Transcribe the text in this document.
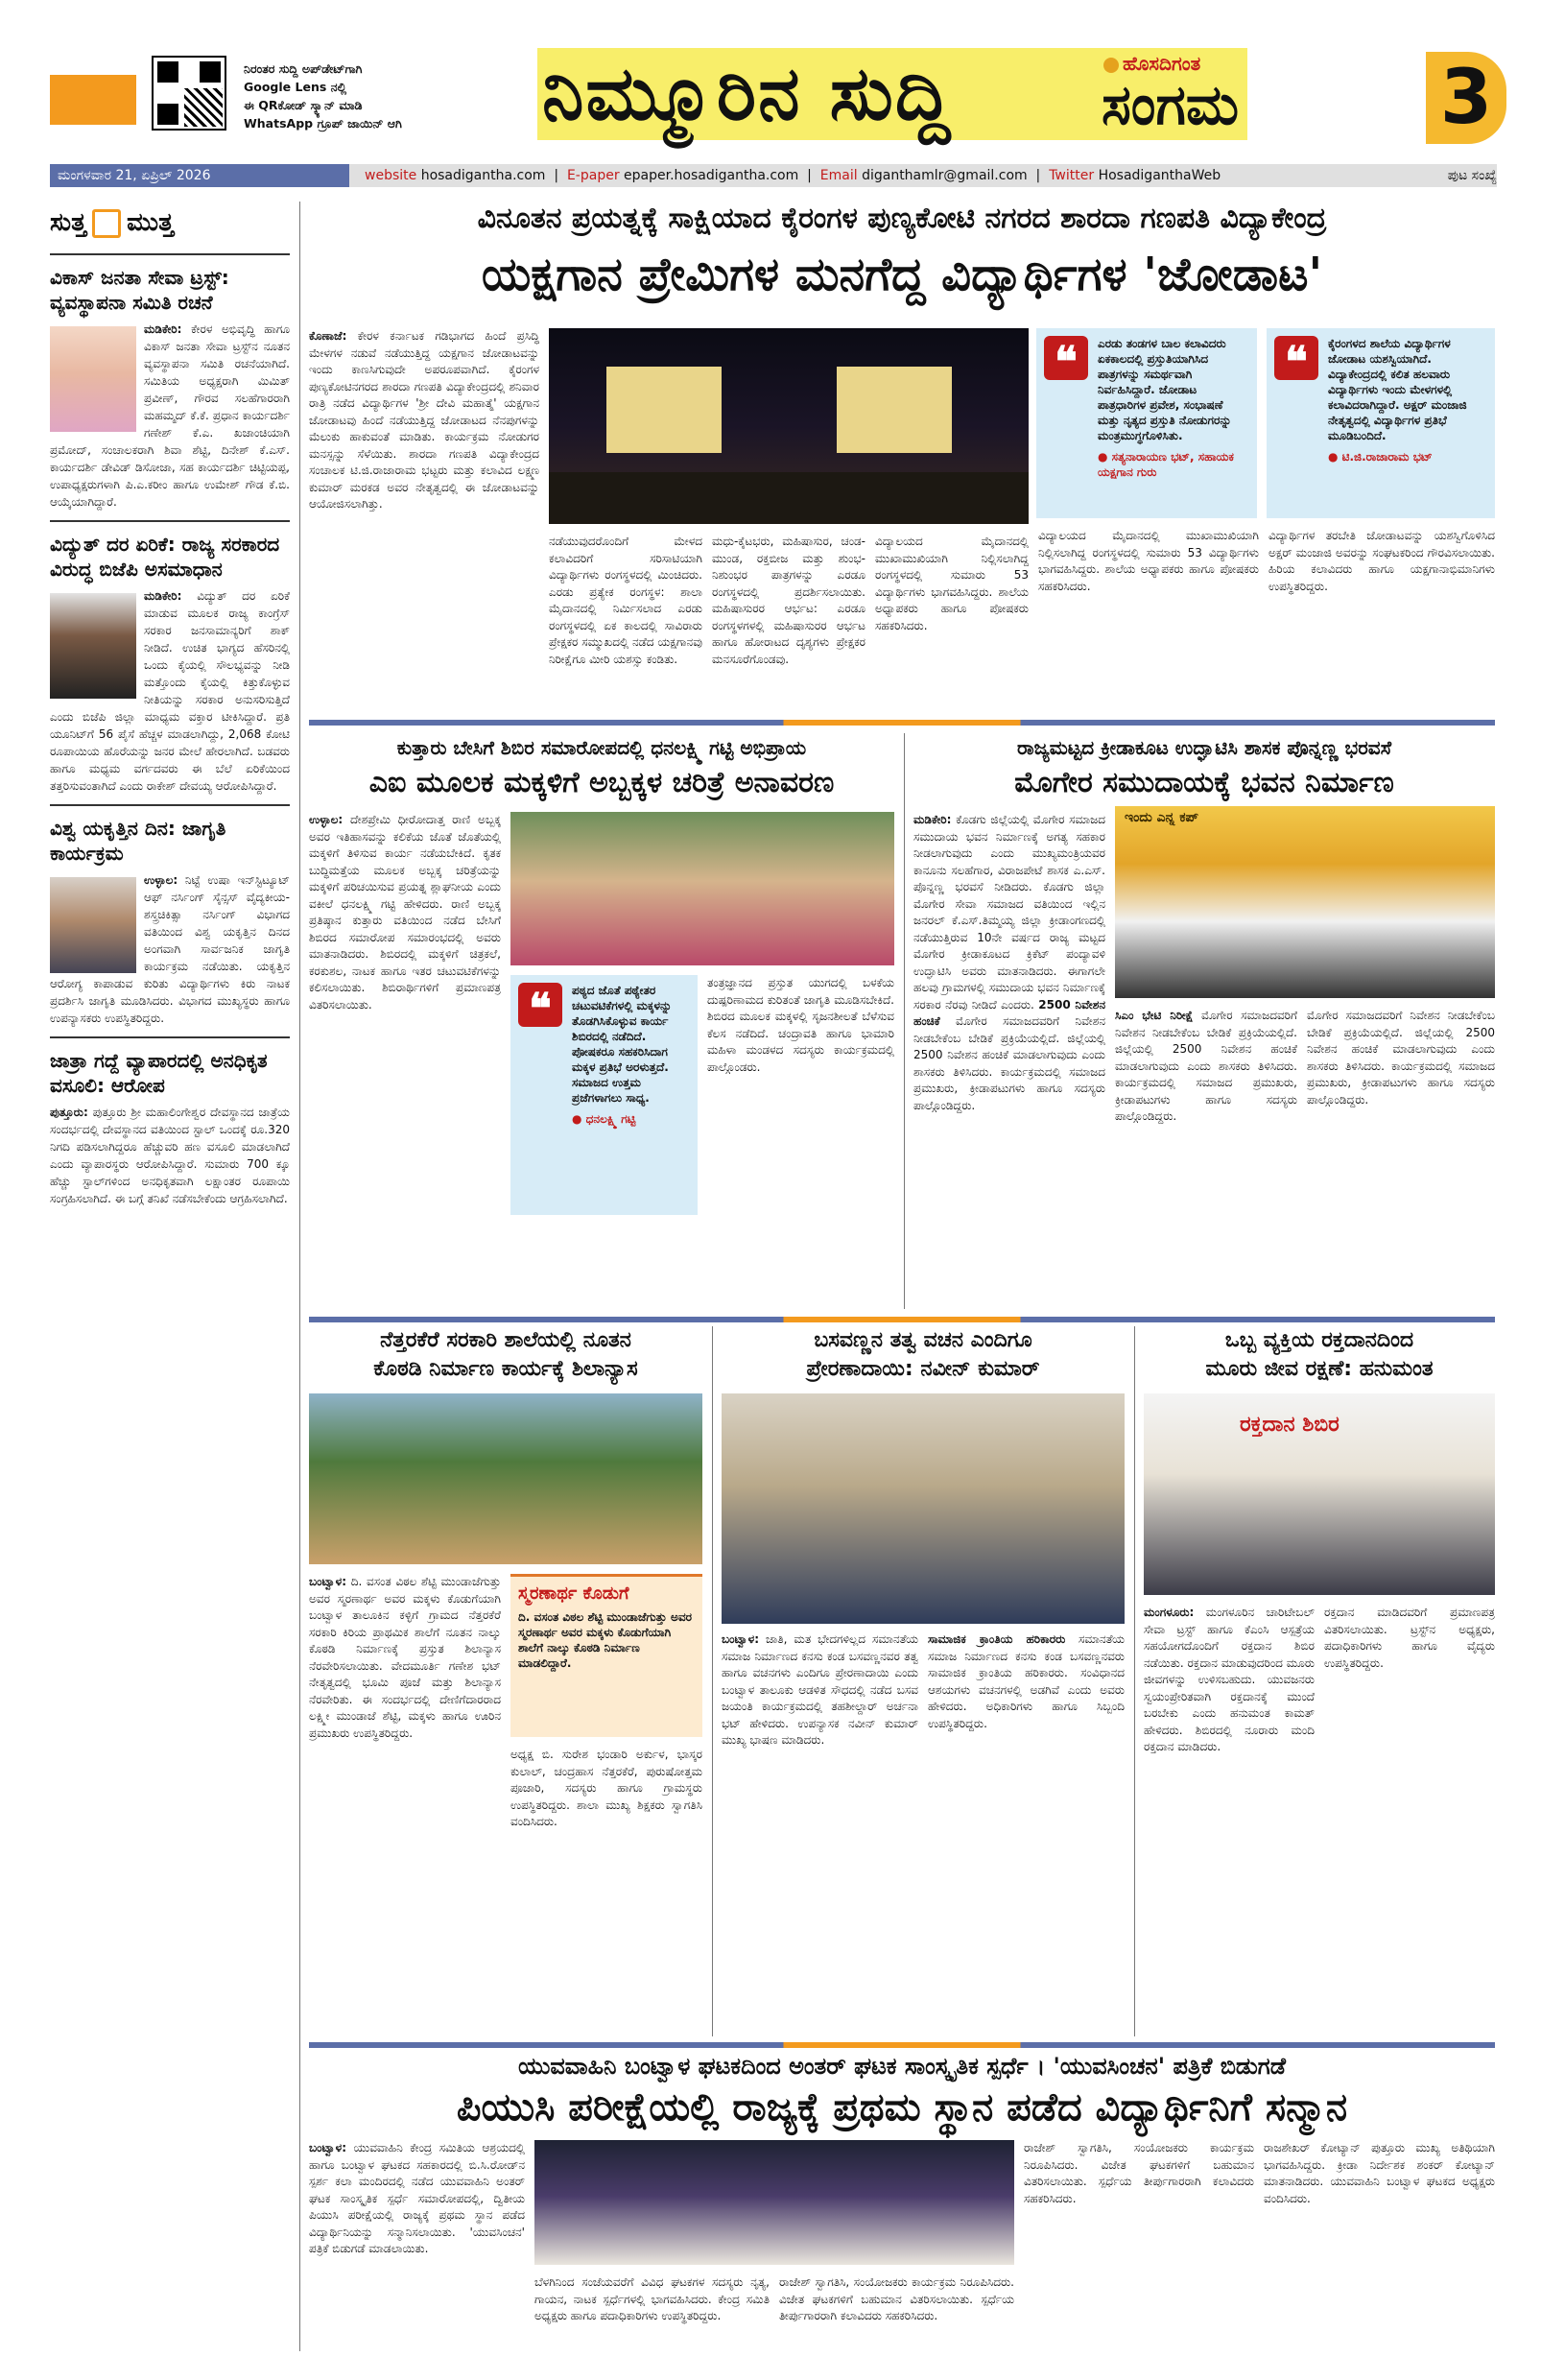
ನಿರಂತರ ಸುದ್ದಿ ಅಪ್‌ಡೇಟ್‌ಗಾಗಿ
Google Lens ನಲ್ಲಿ
ಈ QRಕೋಡ್ ಸ್ಕ್ಯಾನ್ ಮಾಡಿ
WhatsApp ಗ್ರೂಪ್ ಜಾಯಿನ್ ಆಗಿ	ನಿಮ್ಮೂರಿನ ಸುದ್ದಿ	ಹೊಸದಿಗಂತ
ಸಂಗಮ	3
ಮಂಗಳವಾರ 21, ಏಪ್ರಿಲ್ 2026	website hosadigantha.com  |  E-paper epaper.hosadigantha.com  |  Email diganthamlr@gmail.com  |  Twitter HosadiganthaWeb	ಪುಟ ಸಂಖ್ಯೆ
ಸುತ್ತ ಮುತ್ತ
ವಿಕಾಸ್ ಜನತಾ ಸೇವಾ ಟ್ರಸ್ಟ್: ವ್ಯವಸ್ಥಾಪನಾ ಸಮಿತಿ ರಚನೆ
ಮಡಿಕೇರಿ: ಕೇರಳ ಅಭಿವೃದ್ಧಿ ಹಾಗೂ ವಿಕಾಸ್ ಜನತಾ ಸೇವಾ ಟ್ರಸ್ಟ್‌ನ ನೂತನ ವ್ಯವಸ್ಥಾಪನಾ ಸಮಿತಿ ರಚನೆಯಾಗಿದೆ. ಸಮಿತಿಯ ಅಧ್ಯಕ್ಷರಾಗಿ ಮಿಮಿತ್ ಪ್ರವೀಣ್, ಗೌರವ ಸಲಹೆಗಾರರಾಗಿ ಮಹಮ್ಮದ್ ಕೆ.ಕೆ. ಪ್ರಧಾನ ಕಾರ್ಯದರ್ಶಿ ಗಣೇಶ್ ಕೆ.ಎ. ಖಜಾಂಚಿಯಾಗಿ ಪ್ರಮೋದ್, ಸಂಚಾಲಕರಾಗಿ ಶಿವಾ ಶೆಟ್ಟಿ, ದಿನೇಶ್ ಕೆ.ಎಸ್. ಕಾರ್ಯದರ್ಶಿ ಡೇವಿಡ್ ಡಿಸೋಜಾ, ಸಹ ಕಾರ್ಯದರ್ಶಿ ಚಿಟ್ಟಿಯಪ್ಪ, ಉಪಾಧ್ಯಕ್ಷರುಗಳಾಗಿ ಪಿ.ಎ.ಕರೀಂ ಹಾಗೂ ಉಮೇಶ್ ಗೌಡ ಕೆ.ಬಿ. ಆಯ್ಕೆಯಾಗಿದ್ದಾರೆ.
ವಿದ್ಯುತ್ ದರ ಏರಿಕೆ: ರಾಜ್ಯ ಸರಕಾರದ ವಿರುದ್ಧ ಬಿಜೆಪಿ ಅಸಮಾಧಾನ
ಮಡಿಕೇರಿ: ವಿದ್ಯುತ್ ದರ ಏರಿಕೆ ಮಾಡುವ ಮೂಲಕ ರಾಜ್ಯ ಕಾಂಗ್ರೆಸ್ ಸರಕಾರ ಜನಸಾಮಾನ್ಯರಿಗೆ ಶಾಕ್ ನೀಡಿದೆ. ಉಚಿತ ಭಾಗ್ಯದ ಹೆಸರಿನಲ್ಲಿ ಒಂದು ಕೈಯಲ್ಲಿ ಸೌಲಭ್ಯವನ್ನು ನೀಡಿ ಮತ್ತೊಂದು ಕೈಯಲ್ಲಿ ಕಿತ್ತುಕೊಳ್ಳುವ ನೀತಿಯನ್ನು ಸರಕಾರ ಅನುಸರಿಸುತ್ತಿದೆ ಎಂದು ಬಿಜೆಪಿ ಜಿಲ್ಲಾ ಮಾಧ್ಯಮ ವಕ್ತಾರ ಟೀಕಿಸಿದ್ದಾರೆ. ಪ್ರತಿ ಯೂನಿಟ್‌ಗೆ 56 ಪೈಸೆ ಹೆಚ್ಚಳ ಮಾಡಲಾಗಿದ್ದು, 2,068 ಕೋಟಿ ರೂಪಾಯಿಯ ಹೊರೆಯನ್ನು ಜನರ ಮೇಲೆ ಹೇರಲಾಗಿದೆ. ಬಡವರು ಹಾಗೂ ಮಧ್ಯಮ ವರ್ಗದವರು ಈ ಬೆಲೆ ಏರಿಕೆಯಿಂದ ತತ್ತರಿಸುವಂತಾಗಿದೆ ಎಂದು ರಾಕೇಶ್ ದೇವಯ್ಯ ಆರೋಪಿಸಿದ್ದಾರೆ.
ವಿಶ್ವ ಯಕೃತ್ತಿನ ದಿನ: ಜಾಗೃತಿ ಕಾರ್ಯಕ್ರಮ
ಉಳ್ಳಾಲ: ನಿಟ್ಟೆ ಉಷಾ ಇನ್‌ಸ್ಟಿಟ್ಯೂಟ್ ಆಫ್ ನರ್ಸಿಂಗ್ ಸೈನ್ಸಸ್ ವೈದ್ಯಕೀಯ-ಶಸ್ತ್ರಚಿಕಿತ್ಸಾ ನರ್ಸಿಂಗ್ ವಿಭಾಗದ ವತಿಯಿಂದ ವಿಶ್ವ ಯಕೃತ್ತಿನ ದಿನದ ಅಂಗವಾಗಿ ಸಾರ್ವಜನಿಕ ಜಾಗೃತಿ ಕಾರ್ಯಕ್ರಮ ನಡೆಯಿತು. ಯಕೃತ್ತಿನ ಆರೋಗ್ಯ ಕಾಪಾಡುವ ಕುರಿತು ವಿದ್ಯಾರ್ಥಿಗಳು ಕಿರು ನಾಟಕ ಪ್ರದರ್ಶಿಸಿ ಜಾಗೃತಿ ಮೂಡಿಸಿದರು. ವಿಭಾಗದ ಮುಖ್ಯಸ್ಥರು ಹಾಗೂ ಉಪನ್ಯಾಸಕರು ಉಪಸ್ಥಿತರಿದ್ದರು.
ಜಾತ್ರಾ ಗದ್ದೆ ವ್ಯಾಪಾರದಲ್ಲಿ ಅನಧಿಕೃತ ವಸೂಲಿ: ಆರೋಪ
ಪುತ್ತೂರು: ಪುತ್ತೂರು ಶ್ರೀ ಮಹಾಲಿಂಗೇಶ್ವರ ದೇವಸ್ಥಾನದ ಜಾತ್ರೆಯ ಸಂದರ್ಭದಲ್ಲಿ ದೇವಸ್ಥಾನದ ವತಿಯಿಂದ ಸ್ಟಾಲ್ ಒಂದಕ್ಕೆ ರೂ.320 ನಿಗದಿ ಪಡಿಸಲಾಗಿದ್ದರೂ ಹೆಚ್ಚುವರಿ ಹಣ ವಸೂಲಿ ಮಾಡಲಾಗಿದೆ ಎಂದು ವ್ಯಾಪಾರಸ್ಥರು ಆರೋಪಿಸಿದ್ದಾರೆ. ಸುಮಾರು 700 ಕ್ಕೂ ಹೆಚ್ಚು ಸ್ಟಾಲ್‌ಗಳಿಂದ ಅನಧಿಕೃತವಾಗಿ ಲಕ್ಷಾಂತರ ರೂಪಾಯಿ ಸಂಗ್ರಹಿಸಲಾಗಿದೆ. ಈ ಬಗ್ಗೆ ತನಿಖೆ ನಡೆಸಬೇಕೆಂದು ಆಗ್ರಹಿಸಲಾಗಿದೆ.
ವಿನೂತನ ಪ್ರಯತ್ನಕ್ಕೆ ಸಾಕ್ಷಿಯಾದ ಕೈರಂಗಳ ಪುಣ್ಯಕೋಟಿ ನಗರದ ಶಾರದಾ ಗಣಪತಿ ವಿದ್ಯಾಕೇಂದ್ರ
ಯಕ್ಷಗಾನ ಪ್ರೇಮಿಗಳ ಮನಗೆದ್ದ ವಿದ್ಯಾರ್ಥಿಗಳ 'ಜೋಡಾಟ'
ಕೊಣಾಜೆ: ಕೇರಳ ಕರ್ನಾಟಕ ಗಡಿಭಾಗದ ಹಿಂದೆ ಪ್ರಸಿದ್ಧಿ ಮೇಳಗಳ ನಡುವೆ ನಡೆಯುತ್ತಿದ್ದ ಯಕ್ಷಗಾನ ಜೋಡಾಟವನ್ನು ಇಂದು ಕಾಣಸಿಗುವುದೇ ಅಪರೂಪವಾಗಿದೆ. ಕೈರಂಗಳ ಪುಣ್ಯಕೋಟಿನಗರದ ಶಾರದಾ ಗಣಪತಿ ವಿದ್ಯಾಕೇಂದ್ರದಲ್ಲಿ ಶನಿವಾರ ರಾತ್ರಿ ನಡೆದ ವಿದ್ಯಾರ್ಥಿಗಳ 'ಶ್ರೀ ದೇವಿ ಮಹಾತ್ಮೆ' ಯಕ್ಷಗಾನ ಜೋಡಾಟವು ಹಿಂದೆ ನಡೆಯುತ್ತಿದ್ದ ಜೋಡಾಟದ ನೆನಪುಗಳನ್ನು ಮೆಲುಕು ಹಾಕುವಂತೆ ಮಾಡಿತು. ಕಾರ್ಯಕ್ರಮ ನೋಡುಗರ ಮನಸ್ಸನ್ನು ಸೆಳೆಯಿತು. ಶಾರದಾ ಗಣಪತಿ ವಿದ್ಯಾಕೇಂದ್ರದ ಸಂಚಾಲಕ ಟಿ.ಜಿ.ರಾಜಾರಾಮ ಭಟ್ಟರು ಮತ್ತು ಕಲಾವಿದ ಲಕ್ಷ್ಮಣ ಕುಮಾರ್ ಮರಕಡ ಅವರ ನೇತೃತ್ವದಲ್ಲಿ ಈ ಜೋಡಾಟವನ್ನು ಆಯೋಜಿಸಲಾಗಿತ್ತು.
❝	ಎರಡು ತಂಡಗಳ ಬಾಲ ಕಲಾವಿದರು ಏಕಕಾಲದಲ್ಲಿ ಪ್ರಸ್ತುತಿಯಾಗಿಸಿದ ಪಾತ್ರಗಳನ್ನು ಸಮರ್ಥವಾಗಿ ನಿರ್ವಹಿಸಿದ್ದಾರೆ. ಜೋಡಾಟ ಪಾತ್ರಧಾರಿಗಳ ಪ್ರವೇಶ, ಸಂಭಾಷಣೆ ಮತ್ತು ನೃತ್ಯದ ಪ್ರಸ್ತುತಿ ನೋಡುಗರನ್ನು ಮಂತ್ರಮುಗ್ಧಗೊಳಿಸಿತು.
● ಸತ್ಯನಾರಾಯಣ ಭಟ್, ಸಹಾಯಕ ಯಕ್ಷಗಾನ ಗುರು
❝	ಕೈರಂಗಳದ ಶಾಲೆಯ ವಿದ್ಯಾರ್ಥಿಗಳ ಜೋಡಾಟ ಯಶಸ್ವಿಯಾಗಿದೆ. ವಿದ್ಯಾಕೇಂದ್ರದಲ್ಲಿ ಕಲಿತ ಹಲವಾರು ವಿದ್ಯಾರ್ಥಿಗಳು ಇಂದು ಮೇಳಗಳಲ್ಲಿ ಕಲಾವಿದರಾಗಿದ್ದಾರೆ. ಅಕ್ಷರ್ ಮಂಜಾಜಿ ನೇತೃತ್ವದಲ್ಲಿ ವಿದ್ಯಾರ್ಥಿಗಳ ಪ್ರತಿಭೆ ಮೂಡಿಬಂದಿದೆ.
● ಟಿ.ಜಿ.ರಾಜಾರಾಮ ಭಟ್
ನಡೆಯುವುದರೊಂದಿಗೆ ಮೇಳದ ಕಲಾವಿದರಿಗೆ ಸರಿಸಾಟಿಯಾಗಿ ವಿದ್ಯಾರ್ಥಿಗಳು ರಂಗಸ್ಥಳದಲ್ಲಿ ಮಿಂಚಿದರು. ಎರಡು ಪ್ರತ್ಯೇಕ ರಂಗಸ್ಥಳ: ಶಾಲಾ ಮೈದಾನದಲ್ಲಿ ನಿರ್ಮಿಸಲಾದ ಎರಡು ರಂಗಸ್ಥಳದಲ್ಲಿ ಏಕ ಕಾಲದಲ್ಲಿ ಸಾವಿರಾರು ಪ್ರೇಕ್ಷಕರ ಸಮ್ಮುಖದಲ್ಲಿ ನಡೆದ ಯಕ್ಷಗಾನವು ನಿರೀಕ್ಷೆಗೂ ಮೀರಿ ಯಶಸ್ಸು ಕಂಡಿತು.
ಮಧು-ಕೈಟಭರು, ಮಹಿಷಾಸುರ, ಚಂಡ-ಮುಂಡ, ರಕ್ತಬೀಜ ಮತ್ತು ಶುಂಭ-ನಿಶುಂಭರ ಪಾತ್ರಗಳನ್ನು ಎರಡೂ ರಂಗಸ್ಥಳದಲ್ಲಿ ಪ್ರದರ್ಶಿಸಲಾಯಿತು. ಮಹಿಷಾಸುರರ ಆರ್ಭಟ: ಎರಡೂ ರಂಗಸ್ಥಳಗಳಲ್ಲಿ ಮಹಿಷಾಸುರರ ಆರ್ಭಟ ಹಾಗೂ ಹೋರಾಟದ ದೃಶ್ಯಗಳು ಪ್ರೇಕ್ಷಕರ ಮನಸೂರೆಗೊಂಡವು.
ವಿದ್ಯಾಲಯದ ಮೈದಾನದಲ್ಲಿ ಮುಖಾಮುಖಿಯಾಗಿ ನಿಲ್ಲಿಸಲಾಗಿದ್ದ ರಂಗಸ್ಥಳದಲ್ಲಿ ಸುಮಾರು 53 ವಿದ್ಯಾರ್ಥಿಗಳು ಭಾಗವಹಿಸಿದ್ದರು. ಶಾಲೆಯ ಅಧ್ಯಾಪಕರು ಹಾಗೂ ಪೋಷಕರು ಸಹಕರಿಸಿದರು.
ವಿದ್ಯಾಲಯದ ಮೈದಾನದಲ್ಲಿ ಮುಖಾಮುಖಿಯಾಗಿ ನಿಲ್ಲಿಸಲಾಗಿದ್ದ ರಂಗಸ್ಥಳದಲ್ಲಿ ಸುಮಾರು 53 ವಿದ್ಯಾರ್ಥಿಗಳು ಭಾಗವಹಿಸಿದ್ದರು. ಶಾಲೆಯ ಅಧ್ಯಾಪಕರು ಹಾಗೂ ಪೋಷಕರು ಸಹಕರಿಸಿದರು.
ವಿದ್ಯಾರ್ಥಿಗಳ ತರಬೇತಿ ಜೋಡಾಟವನ್ನು ಯಶಸ್ವಿಗೊಳಿಸಿದ ಅಕ್ಷರ್ ಮಂಜಾಜಿ ಅವರನ್ನು ಸಂಘಟಕರಿಂದ ಗೌರವಿಸಲಾಯಿತು. ಹಿರಿಯ ಕಲಾವಿದರು ಹಾಗೂ ಯಕ್ಷಗಾನಾಭಿಮಾನಿಗಳು ಉಪಸ್ಥಿತರಿದ್ದರು.
ಕುತ್ತಾರು ಬೇಸಿಗೆ ಶಿಬಿರ ಸಮಾರೋಪದಲ್ಲಿ ಧನಲಕ್ಷ್ಮಿ ಗಟ್ಟಿ ಅಭಿಪ್ರಾಯ
ಎಐ ಮೂಲಕ ಮಕ್ಕಳಿಗೆ ಅಬ್ಬಕ್ಕಳ ಚರಿತ್ರೆ ಅನಾವರಣ
ಉಳ್ಳಾಲ: ದೇಶಪ್ರೇಮಿ ಧೀರೋದಾತ್ತ ರಾಣಿ ಅಬ್ಬಕ್ಕ ಅವರ ಇತಿಹಾಸವನ್ನು ಕಲಿಕೆಯ ಜೊತೆ ಜೊತೆಯಲ್ಲಿ ಮಕ್ಕಳಿಗೆ ತಿಳಿಸುವ ಕಾರ್ಯ ನಡೆಯಬೇಕಿದೆ. ಕೃತಕ ಬುದ್ಧಿಮತ್ತೆಯ ಮೂಲಕ ಅಬ್ಬಕ್ಕ ಚರಿತ್ರೆಯನ್ನು ಮಕ್ಕಳಿಗೆ ಪರಿಚಯಿಸುವ ಪ್ರಯತ್ನ ಶ್ಲಾಘನೀಯ ಎಂದು ವಕೀಲೆ ಧನಲಕ್ಷ್ಮಿ ಗಟ್ಟಿ ಹೇಳಿದರು. ರಾಣಿ ಅಬ್ಬಕ್ಕ ಪ್ರತಿಷ್ಠಾನ ಕುತ್ತಾರು ವತಿಯಿಂದ ನಡೆದ ಬೇಸಿಗೆ ಶಿಬಿರದ ಸಮಾರೋಪ ಸಮಾರಂಭದಲ್ಲಿ ಅವರು ಮಾತನಾಡಿದರು. ಶಿಬಿರದಲ್ಲಿ ಮಕ್ಕಳಿಗೆ ಚಿತ್ರಕಲೆ, ಕರಕುಶಲ, ನಾಟಕ ಹಾಗೂ ಇತರ ಚಟುವಟಿಕೆಗಳನ್ನು ಕಲಿಸಲಾಯಿತು. ಶಿಬಿರಾರ್ಥಿಗಳಿಗೆ ಪ್ರಮಾಣಪತ್ರ ವಿತರಿಸಲಾಯಿತು.	❝	ಪಠ್ಯದ ಜೊತೆ ಪಠ್ಯೇತರ ಚಟುವಟಿಕೆಗಳಲ್ಲಿ ಮಕ್ಕಳನ್ನು ತೊಡಗಿಸಿಕೊಳ್ಳುವ ಕಾರ್ಯ ಶಿಬಿರದಲ್ಲಿ ನಡೆದಿದೆ. ಪೋಷಕರೂ ಸಹಕರಿಸಿದಾಗ ಮಕ್ಕಳ ಪ್ರತಿಭೆ ಅರಳುತ್ತದೆ. ಸಮಾಜದ ಉತ್ತಮ ಪ್ರಜೆಗಳಾಗಲು ಸಾಧ್ಯ.
● ಧನಲಕ್ಷ್ಮಿ ಗಟ್ಟಿ
ತಂತ್ರಜ್ಞಾನದ ಪ್ರಸ್ತುತ ಯುಗದಲ್ಲಿ ಬಳಕೆಯ ದುಷ್ಪರಿಣಾಮದ ಕುರಿತಂತೆ ಜಾಗೃತಿ ಮೂಡಿಸಬೇಕಿದೆ. ಶಿಬಿರದ ಮೂಲಕ ಮಕ್ಕಳಲ್ಲಿ ಸೃಜನಶೀಲತೆ ಬೆಳೆಸುವ ಕೆಲಸ ನಡೆದಿದೆ. ಚಂದ್ರಾವತಿ ಹಾಗೂ ಭಾಮಾರಿ ಮಹಿಳಾ ಮಂಡಳದ ಸದಸ್ಯರು ಕಾರ್ಯಕ್ರಮದಲ್ಲಿ ಪಾಲ್ಗೊಂಡರು.
ರಾಜ್ಯಮಟ್ಟದ ಕ್ರೀಡಾಕೂಟ ಉದ್ಘಾಟಿಸಿ ಶಾಸಕ ಪೊನ್ನಣ್ಣ ಭರವಸೆ
ಮೊಗೇರ ಸಮುದಾಯಕ್ಕೆ ಭವನ ನಿರ್ಮಾಣ
ಮಡಿಕೇರಿ: ಕೊಡಗು ಜಿಲ್ಲೆಯಲ್ಲಿ ಮೊಗೇರ ಸಮಾಜದ ಸಮುದಾಯ ಭವನ ನಿರ್ಮಾಣಕ್ಕೆ ಅಗತ್ಯ ಸಹಕಾರ ನೀಡಲಾಗುವುದು ಎಂದು ಮುಖ್ಯಮಂತ್ರಿಯವರ ಕಾನೂನು ಸಲಹೆಗಾರ, ವಿರಾಜಪೇಟೆ ಶಾಸಕ ಎ.ಎಸ್. ಪೊನ್ನಣ್ಣ ಭರವಸೆ ನೀಡಿದರು. ಕೊಡಗು ಜಿಲ್ಲಾ ಮೊಗೇರ ಸೇವಾ ಸಮಾಜದ ವತಿಯಿಂದ ಇಲ್ಲಿನ ಜನರಲ್ ಕೆ.ಎಸ್.ತಿಮ್ಮಯ್ಯ ಜಿಲ್ಲಾ ಕ್ರೀಡಾಂಗಣದಲ್ಲಿ ನಡೆಯುತ್ತಿರುವ 10ನೇ ವರ್ಷದ ರಾಜ್ಯ ಮಟ್ಟದ ಮೊಗೇರ ಕ್ರೀಡಾಕೂಟದ ಕ್ರಿಕೆಟ್ ಪಂದ್ಯಾವಳಿ ಉದ್ಘಾಟಿಸಿ ಅವರು ಮಾತನಾಡಿದರು. ಈಗಾಗಲೇ ಹಲವು ಗ್ರಾಮಗಳಲ್ಲಿ ಸಮುದಾಯ ಭವನ ನಿರ್ಮಾಣಕ್ಕೆ ಸರಕಾರ ನೆರವು ನೀಡಿದೆ ಎಂದರು. 2500 ನಿವೇಶನ ಹಂಚಿಕೆ ಮೊಗೇರ ಸಮಾಜದವರಿಗೆ ನಿವೇಶನ ನೀಡಬೇಕೆಂಬ ಬೇಡಿಕೆ ಪ್ರಕ್ರಿಯೆಯಲ್ಲಿದೆ. ಜಿಲ್ಲೆಯಲ್ಲಿ 2500 ನಿವೇಶನ ಹಂಚಿಕೆ ಮಾಡಲಾಗುವುದು ಎಂದು ಶಾಸಕರು ತಿಳಿಸಿದರು. ಕಾರ್ಯಕ್ರಮದಲ್ಲಿ ಸಮಾಜದ ಪ್ರಮುಖರು, ಕ್ರೀಡಾಪಟುಗಳು ಹಾಗೂ ಸದಸ್ಯರು ಪಾಲ್ಗೊಂಡಿದ್ದರು.
ಇಂದು ಎನ್ನ ಕಪ್
ಸಿಎಂ ಭೇಟಿ ನಿರೀಕ್ಷೆ ಮೊಗೇರ ಸಮಾಜದವರಿಗೆ ನಿವೇಶನ ನೀಡಬೇಕೆಂಬ ಬೇಡಿಕೆ ಪ್ರಕ್ರಿಯೆಯಲ್ಲಿದೆ. ಜಿಲ್ಲೆಯಲ್ಲಿ 2500 ನಿವೇಶನ ಹಂಚಿಕೆ ಮಾಡಲಾಗುವುದು ಎಂದು ಶಾಸಕರು ತಿಳಿಸಿದರು. ಕಾರ್ಯಕ್ರಮದಲ್ಲಿ ಸಮಾಜದ ಪ್ರಮುಖರು, ಕ್ರೀಡಾಪಟುಗಳು ಹಾಗೂ ಸದಸ್ಯರು ಪಾಲ್ಗೊಂಡಿದ್ದರು.
ಮೊಗೇರ ಸಮಾಜದವರಿಗೆ ನಿವೇಶನ ನೀಡಬೇಕೆಂಬ ಬೇಡಿಕೆ ಪ್ರಕ್ರಿಯೆಯಲ್ಲಿದೆ. ಜಿಲ್ಲೆಯಲ್ಲಿ 2500 ನಿವೇಶನ ಹಂಚಿಕೆ ಮಾಡಲಾಗುವುದು ಎಂದು ಶಾಸಕರು ತಿಳಿಸಿದರು. ಕಾರ್ಯಕ್ರಮದಲ್ಲಿ ಸಮಾಜದ ಪ್ರಮುಖರು, ಕ್ರೀಡಾಪಟುಗಳು ಹಾಗೂ ಸದಸ್ಯರು ಪಾಲ್ಗೊಂಡಿದ್ದರು.
ನೆತ್ತರಕೆರೆ ಸರಕಾರಿ ಶಾಲೆಯಲ್ಲಿ ನೂತನ
ಕೊಠಡಿ ನಿರ್ಮಾಣ ಕಾರ್ಯಕ್ಕೆ ಶಿಲಾನ್ಯಾಸ
ಬಂಟ್ವಾಳ: ದಿ. ವಸಂತ ವಿಠಲ ಶೆಟ್ಟಿ ಮುಂಡಾಜೆಗುತ್ತು ಅವರ ಸ್ಮರಣಾರ್ಥ ಅವರ ಮಕ್ಕಳು ಕೊಡುಗೆಯಾಗಿ ಬಂಟ್ವಾಳ ತಾಲೂಕಿನ ಕಳ್ಳಿಗೆ ಗ್ರಾಮದ ನೆತ್ತರಕೆರೆ ಸರಕಾರಿ ಕಿರಿಯ ಪ್ರಾಥಮಿಕ ಶಾಲೆಗೆ ನೂತನ ನಾಲ್ಕು ಕೊಠಡಿ ನಿರ್ಮಾಣಕ್ಕೆ ಪ್ರಸ್ತುತ ಶಿಲಾನ್ಯಾಸ ನೆರವೇರಿಸಲಾಯಿತು. ವೇದಮೂರ್ತಿ ಗಣೇಶ ಭಟ್ ನೇತೃತ್ವದಲ್ಲಿ ಭೂಮಿ ಪೂಜೆ ಮತ್ತು ಶಿಲಾನ್ಯಾಸ ನೆರವೇರಿತು. ಈ ಸಂದರ್ಭದಲ್ಲಿ ದೇಣಿಗೆದಾರರಾದ ಲಕ್ಷ್ಮೀ ಮುಂಡಾಜೆ ಶೆಟ್ಟಿ, ಮಕ್ಕಳು ಹಾಗೂ ಊರಿನ ಪ್ರಮುಖರು ಉಪಸ್ಥಿತರಿದ್ದರು.
ಸ್ಮರಣಾರ್ಥ ಕೊಡುಗೆ
ದಿ. ವಸಂತ ವಿಠಲ ಶೆಟ್ಟಿ ಮುಂಡಾಜೆಗುತ್ತು ಅವರ ಸ್ಮರಣಾರ್ಥ ಅವರ ಮಕ್ಕಳು ಕೊಡುಗೆಯಾಗಿ ಶಾಲೆಗೆ ನಾಲ್ಕು ಕೊಠಡಿ ನಿರ್ಮಾಣ ಮಾಡಲಿದ್ದಾರೆ.
ಅಧ್ಯಕ್ಷ ಬಿ. ಸುರೇಶ ಭಂಡಾರಿ ಅರ್ಕುಳ, ಭಾಸ್ಕರ ಕುಲಾಲ್, ಚಂದ್ರಹಾಸ ನೆತ್ತರಕೆರೆ, ಪುರುಷೋತ್ತಮ ಪೂಜಾರಿ, ಸದಸ್ಯರು ಹಾಗೂ ಗ್ರಾಮಸ್ಥರು ಉಪಸ್ಥಿತರಿದ್ದರು. ಶಾಲಾ ಮುಖ್ಯ ಶಿಕ್ಷಕರು ಸ್ವಾಗತಿಸಿ ವಂದಿಸಿದರು.
ಬಸವಣ್ಣನ ತತ್ವ ವಚನ ಎಂದಿಗೂ
ಪ್ರೇರಣಾದಾಯಿ: ನವೀನ್ ಕುಮಾರ್
ಬಂಟ್ವಾಳ: ಜಾತಿ, ಮತ ಭೇದಗಳಿಲ್ಲದ ಸಮಾನತೆಯ ಸಮಾಜ ನಿರ್ಮಾಣದ ಕನಸು ಕಂಡ ಬಸವಣ್ಣನವರ ತತ್ವ ಹಾಗೂ ವಚನಗಳು ಎಂದಿಗೂ ಪ್ರೇರಣಾದಾಯಿ ಎಂದು ಬಂಟ್ವಾಳ ತಾಲೂಕು ಆಡಳಿತ ಸೌಧದಲ್ಲಿ ನಡೆದ ಬಸವ ಜಯಂತಿ ಕಾರ್ಯಕ್ರಮದಲ್ಲಿ ತಹಶೀಲ್ದಾರ್ ಅರ್ಚನಾ ಭಟ್ ಹೇಳಿದರು. ಉಪನ್ಯಾಸಕ ನವೀನ್ ಕುಮಾರ್ ಮುಖ್ಯ ಭಾಷಣ ಮಾಡಿದರು.
ಸಾಮಾಜಿಕ ಕ್ರಾಂತಿಯ ಹರಿಕಾರರು ಸಮಾನತೆಯ ಸಮಾಜ ನಿರ್ಮಾಣದ ಕನಸು ಕಂಡ ಬಸವಣ್ಣನವರು ಸಾಮಾಜಿಕ ಕ್ರಾಂತಿಯ ಹರಿಕಾರರು. ಸಂವಿಧಾನದ ಆಶಯಗಳು ವಚನಗಳಲ್ಲಿ ಅಡಗಿವೆ ಎಂದು ಅವರು ಹೇಳಿದರು. ಅಧಿಕಾರಿಗಳು ಹಾಗೂ ಸಿಬ್ಬಂದಿ ಉಪಸ್ಥಿತರಿದ್ದರು.
ಒಬ್ಬ ವ್ಯಕ್ತಿಯ ರಕ್ತದಾನದಿಂದ
ಮೂರು ಜೀವ ರಕ್ಷಣೆ: ಹನುಮಂತ
ರಕ್ತದಾನ ಶಿಬಿರ
ಮಂಗಳೂರು: ಮಂಗಳೂರಿನ ಚಾರಿಟೇಬಲ್ ಸೇವಾ ಟ್ರಸ್ಟ್ ಹಾಗೂ ಕೆಎಂಸಿ ಆಸ್ಪತ್ರೆಯ ಸಹಯೋಗದೊಂದಿಗೆ ರಕ್ತದಾನ ಶಿಬಿರ ನಡೆಯಿತು. ರಕ್ತದಾನ ಮಾಡುವುದರಿಂದ ಮೂರು ಜೀವಗಳನ್ನು ಉಳಿಸಬಹುದು. ಯುವಜನರು ಸ್ವಯಂಪ್ರೇರಿತವಾಗಿ ರಕ್ತದಾನಕ್ಕೆ ಮುಂದೆ ಬರಬೇಕು ಎಂದು ಹನುಮಂತ ಕಾಮತ್ ಹೇಳಿದರು. ಶಿಬಿರದಲ್ಲಿ ನೂರಾರು ಮಂದಿ ರಕ್ತದಾನ ಮಾಡಿದರು.
ರಕ್ತದಾನ ಮಾಡಿದವರಿಗೆ ಪ್ರಮಾಣಪತ್ರ ವಿತರಿಸಲಾಯಿತು. ಟ್ರಸ್ಟ್‌ನ ಅಧ್ಯಕ್ಷರು, ಪದಾಧಿಕಾರಿಗಳು ಹಾಗೂ ವೈದ್ಯರು ಉಪಸ್ಥಿತರಿದ್ದರು.
ಯುವವಾಹಿನಿ ಬಂಟ್ವಾಳ ಘಟಕದಿಂದ ಅಂತರ್ ಘಟಕ ಸಾಂಸ್ಕೃತಿಕ ಸ್ಪರ್ಧೆ । 'ಯುವಸಿಂಚನ' ಪತ್ರಿಕೆ ಬಿಡುಗಡೆ
ಪಿಯುಸಿ ಪರೀಕ್ಷೆಯಲ್ಲಿ ರಾಜ್ಯಕ್ಕೆ ಪ್ರಥಮ ಸ್ಥಾನ ಪಡೆದ ವಿದ್ಯಾರ್ಥಿನಿಗೆ ಸನ್ಮಾನ
ಬಂಟ್ವಾಳ: ಯುವವಾಹಿನಿ ಕೇಂದ್ರ ಸಮಿತಿಯ ಆಶ್ರಯದಲ್ಲಿ ಹಾಗೂ ಬಂಟ್ವಾಳ ಘಟಕದ ಸಹಕಾರದಲ್ಲಿ ಬಿ.ಸಿ.ರೋಡ್‌ನ ಸ್ಪರ್ಶ ಕಲಾ ಮಂದಿರದಲ್ಲಿ ನಡೆದ ಯುವವಾಹಿನಿ ಅಂತರ್ ಘಟಕ ಸಾಂಸ್ಕೃತಿಕ ಸ್ಪರ್ಧೆ ಸಮಾರೋಪದಲ್ಲಿ, ದ್ವಿತೀಯ ಪಿಯುಸಿ ಪರೀಕ್ಷೆಯಲ್ಲಿ ರಾಜ್ಯಕ್ಕೆ ಪ್ರಥಮ ಸ್ಥಾನ ಪಡೆದ ವಿದ್ಯಾರ್ಥಿನಿಯನ್ನು ಸನ್ಮಾನಿಸಲಾಯಿತು. 'ಯುವಸಿಂಚನ' ಪತ್ರಿಕೆ ಬಿಡುಗಡೆ ಮಾಡಲಾಯಿತು.
ಬೆಳಗಿನಿಂದ ಸಂಜೆಯವರೆಗೆ ವಿವಿಧ ಘಟಕಗಳ ಸದಸ್ಯರು ನೃತ್ಯ, ಗಾಯನ, ನಾಟಕ ಸ್ಪರ್ಧೆಗಳಲ್ಲಿ ಭಾಗವಹಿಸಿದರು. ಕೇಂದ್ರ ಸಮಿತಿ ಅಧ್ಯಕ್ಷರು ಹಾಗೂ ಪದಾಧಿಕಾರಿಗಳು ಉಪಸ್ಥಿತರಿದ್ದರು.
ರಾಜೇಶ್ ಸ್ವಾಗತಿಸಿ, ಸಂಯೋಜಕರು ಕಾರ್ಯಕ್ರಮ ನಿರೂಪಿಸಿದರು. ವಿಜೇತ ಘಟಕಗಳಿಗೆ ಬಹುಮಾನ ವಿತರಿಸಲಾಯಿತು. ಸ್ಪರ್ಧೆಯ ತೀರ್ಪುಗಾರರಾಗಿ ಕಲಾವಿದರು ಸಹಕರಿಸಿದರು.
ರಾಜೇಶ್ ಸ್ವಾಗತಿಸಿ, ಸಂಯೋಜಕರು ಕಾರ್ಯಕ್ರಮ ನಿರೂಪಿಸಿದರು. ವಿಜೇತ ಘಟಕಗಳಿಗೆ ಬಹುಮಾನ ವಿತರಿಸಲಾಯಿತು. ಸ್ಪರ್ಧೆಯ ತೀರ್ಪುಗಾರರಾಗಿ ಕಲಾವಿದರು ಸಹಕರಿಸಿದರು.
ರಾಜಶೇಖರ್ ಕೋಟ್ಯಾನ್ ಪುತ್ತೂರು ಮುಖ್ಯ ಅತಿಥಿಯಾಗಿ ಭಾಗವಹಿಸಿದ್ದರು. ಕ್ರೀಡಾ ನಿರ್ದೇಶಕ ಶಂಕರ್ ಕೋಟ್ಯಾನ್ ಮಾತನಾಡಿದರು. ಯುವವಾಹಿನಿ ಬಂಟ್ವಾಳ ಘಟಕದ ಅಧ್ಯಕ್ಷರು ವಂದಿಸಿದರು.
